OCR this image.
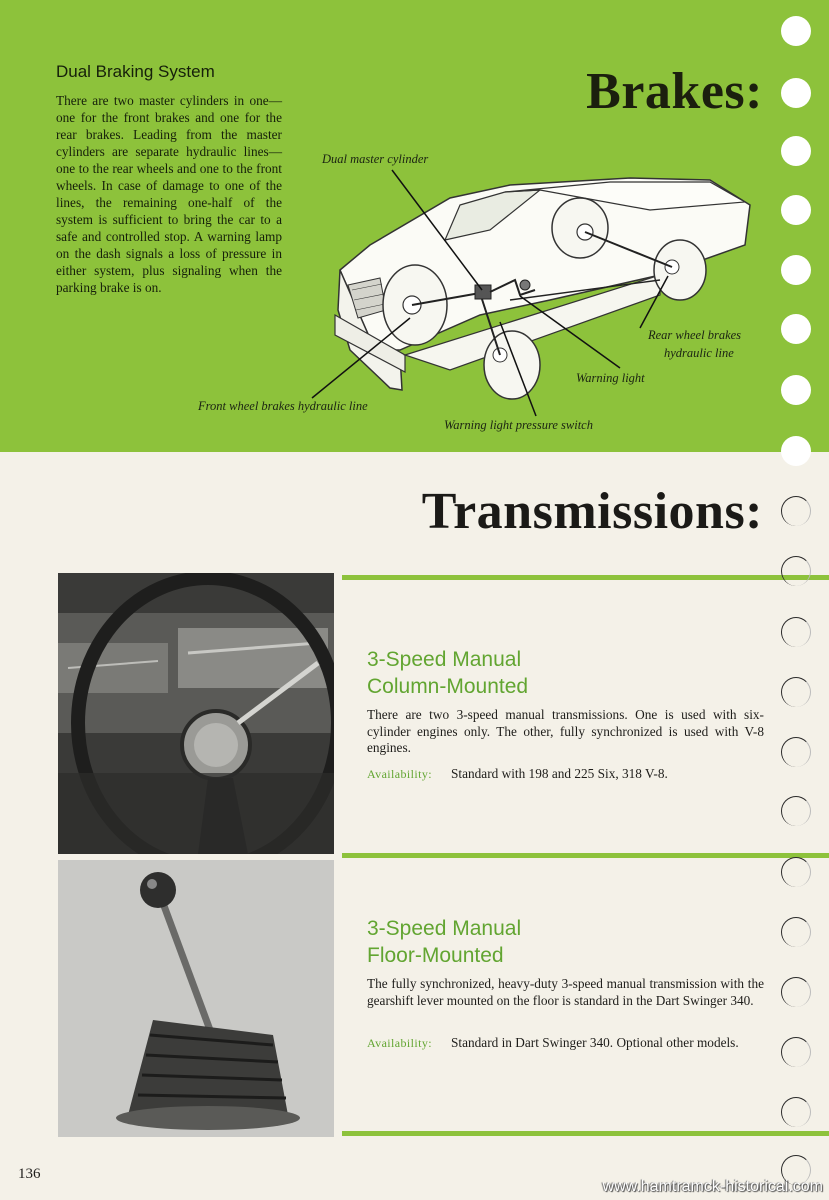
Dual Braking System
There are two master cylinders in one—one for the front brakes and one for the rear brakes. Leading from the master cylinders are separate hydraulic lines—one to the rear wheels and one to the front wheels. In case of damage to one of the lines, the remaining one-half of the system is sufficient to bring the car to a safe and controlled stop. A warning lamp on the dash signals a loss of pressure in either system, plus signaling when the parking brake is on.
Brakes:
Dual master cylinder
Rear wheel brakes
hydraulic line
Warning light
Front wheel brakes hydraulic line
Warning light pressure switch
Transmissions:
3-Speed Manual
Column-Mounted
There are two 3-speed manual transmissions. One is used with six-cylinder engines only. The other, fully synchronized is used with V-8 engines.
Availability: Standard with 198 and 225 Six, 318 V-8.
3-Speed Manual
Floor-Mounted
The fully synchronized, heavy-duty 3-speed manual transmission with the gearshift lever mounted on the floor is standard in the Dart Swinger 340.
Availability: Standard in Dart Swinger 340. Optional other models.
136
www.hamtramck-historical.com
